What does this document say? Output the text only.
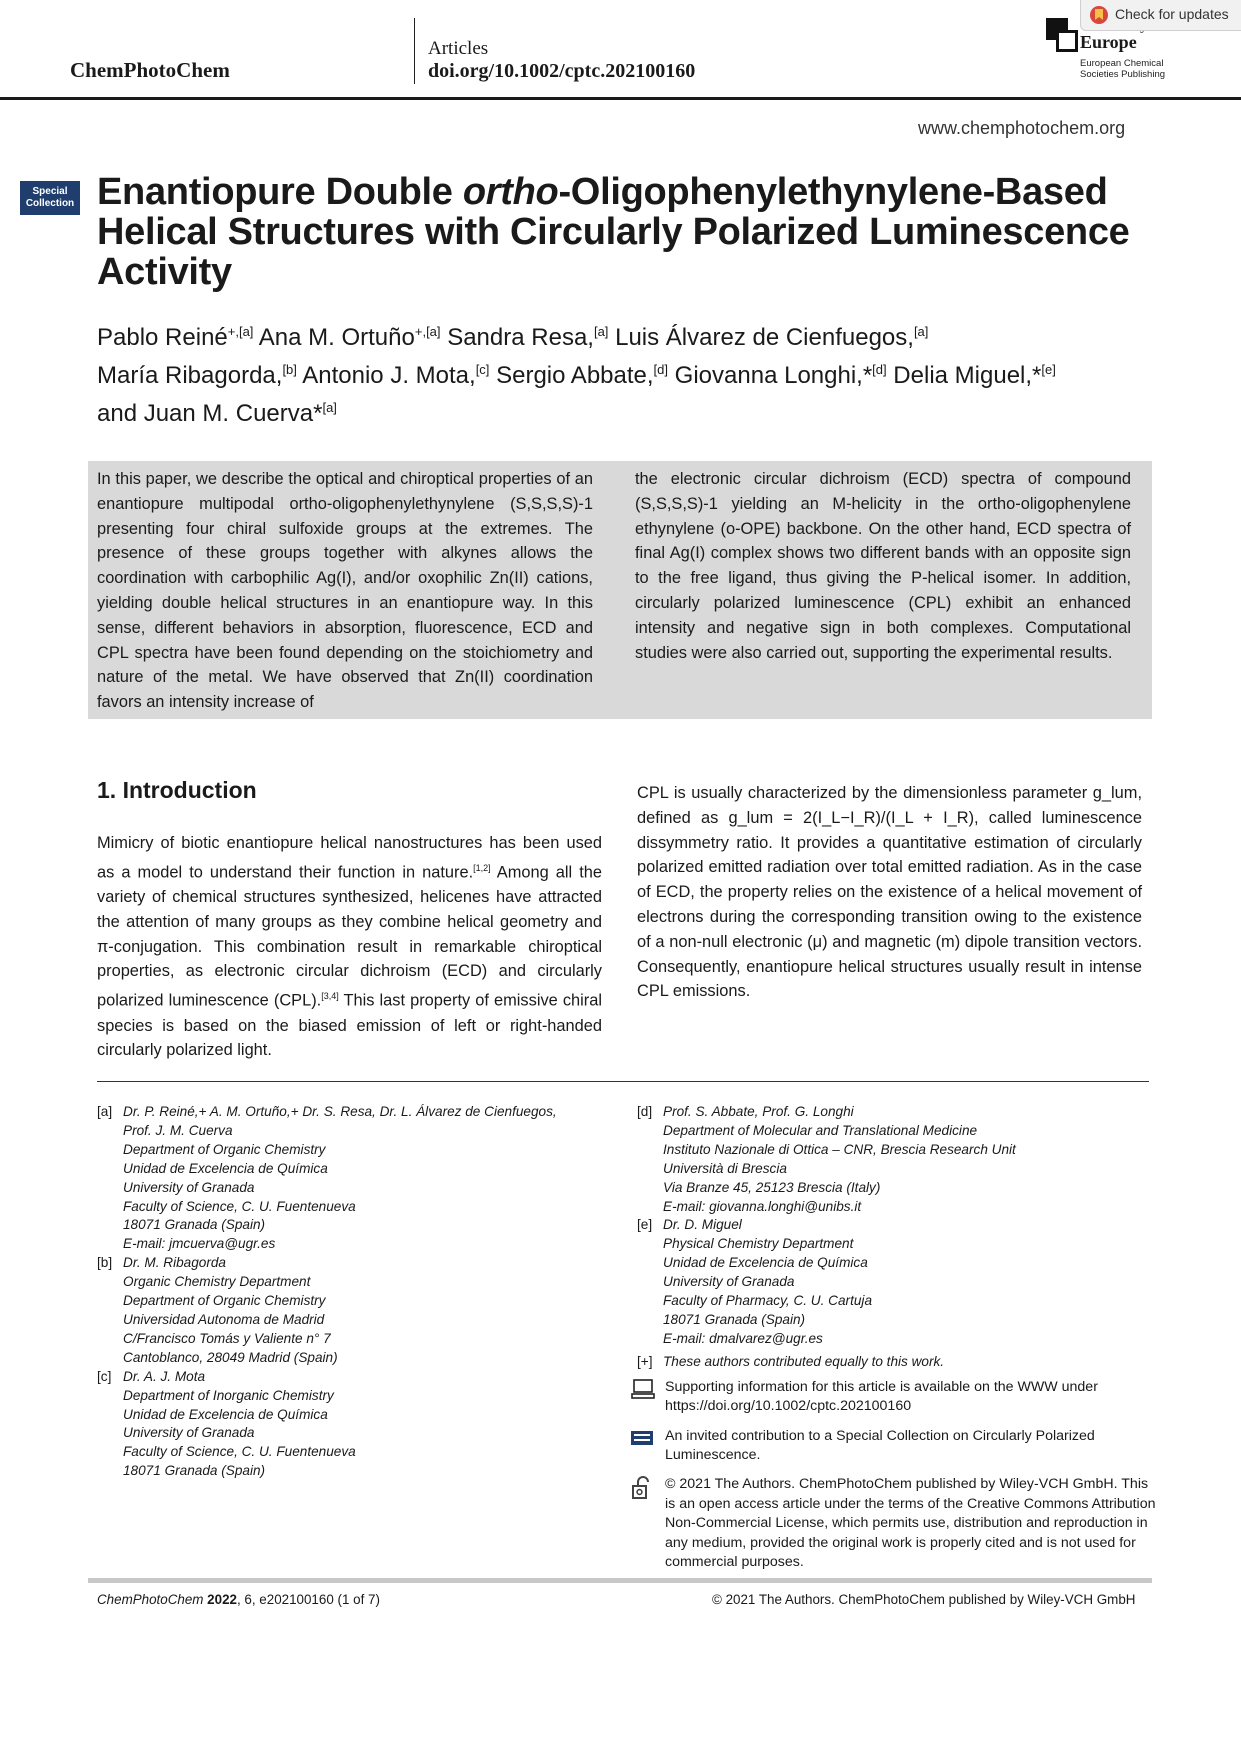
ChemPhotoChem
Articles
doi.org/10.1002/cptc.202100160
Europe
European Chemical
Societies Publishing
Check for updates
www.chemphotochem.org
Special
Collection Enantiopure Double ortho-Oligophenylethynylene-Based
Helical Structures with Circularly Polarized Luminescence
Activity
Pablo Reiné$^{+,[a]}$ Ana M. Ortuño$^{+,[a]}$ Sandra Resa,[a] Luis Álvarez de Cienfuegos,[a]
María Ribagorda,[b] Antonio J. Mota,[c] Sergio Abbate,[d] Giovanna Longhi,*[d] Delia Miguel,*[e]
and Juan M. Cuerva*[a]
In this paper, we describe the optical and chiroptical properties of an enantiopure multipodal ortho-oligophenylethynylene (S,S,S,S)-1 presenting four chiral sulfoxide groups at the extremes. The presence of these groups together with alkynes allows the coordination with carbophilic Ag(I), and/or oxophilic Zn(II) cations, yielding double helical structures in an enantiopure way. In this sense, different behaviors in absorption, fluorescence, ECD and CPL spectra have been found depending on the stoichiometry and nature of the metal. We have observed that Zn(II) coordination favors an intensity increase of
the electronic circular dichroism (ECD) spectra of compound (S,S,S,S)-1 yielding an M-helicity in the ortho-oligophenylene ethynylene (o-OPE) backbone. On the other hand, ECD spectra of final Ag(I) complex shows two different bands with an opposite sign to the free ligand, thus giving the P-helical isomer. In addition, circularly polarized luminescence (CPL) exhibit an enhanced intensity and negative sign in both complexes. Computational studies were also carried out, supporting the experimental results.
1. Introduction
Mimicry of biotic enantiopure helical nanostructures has been used as a model to understand their function in nature.[1,2] Among all the variety of chemical structures synthesized, helicenes have attracted the attention of many groups as they combine helical geometry and π-conjugation. This combination result in remarkable chiroptical properties, as electronic circular dichroism (ECD) and circularly polarized luminescence (CPL).[3,4] This last property of emissive chiral species is based on the biased emission of left or right-handed circularly polarized light.
CPL is usually characterized by the dimensionless parameter g_lum, defined as g_lum = 2(I_L−I_R)/(I_L + I_R), called luminescence dissymmetry ratio. It provides a quantitative estimation of circularly polarized emitted radiation over total emitted radiation. As in the case of ECD, the property relies on the existence of a helical movement of electrons during the corresponding transition owing to the existence of a non-null electronic (μ) and magnetic (m) dipole transition vectors. Consequently, enantiopure helical structures usually result in intense CPL emissions.
[a] Dr. P. Reiné,+ A. M. Ortuño,+ Dr. S. Resa, Dr. L. Álvarez de Cienfuegos,
Prof. J. M. Cuerva
Department of Organic Chemistry
Unidad de Excelencia de Química
University of Granada
Faculty of Science, C. U. Fuentenueva
18071 Granada (Spain)
E-mail: jmcuerva@ugr.es
[b] Dr. M. Ribagorda
Organic Chemistry Department
Department of Organic Chemistry
Universidad Autonoma de Madrid
C/Francisco Tomás y Valiente n° 7
Cantoblanco, 28049 Madrid (Spain)
[c] Dr. A. J. Mota
Department of Inorganic Chemistry
Unidad de Excelencia de Química
University of Granada
Faculty of Science, C. U. Fuentenueva
18071 Granada (Spain)
[d] Prof. S. Abbate, Prof. G. Longhi
Department of Molecular and Translational Medicine
Instituto Nazionale di Ottica – CNR, Brescia Research Unit
Università di Brescia
Via Branze 45, 25123 Brescia (Italy)
E-mail: giovanna.longhi@unibs.it
[e] Dr. D. Miguel
Physical Chemistry Department
Unidad de Excelencia de Química
University of Granada
Faculty of Pharmacy, C. U. Cartuja
18071 Granada (Spain)
E-mail: dmalvarez@ugr.es
[+] These authors contributed equally to this work.
Supporting information for this article is available on the WWW under https://doi.org/10.1002/cptc.202100160
An invited contribution to a Special Collection on Circularly Polarized Luminescence.
© 2021 The Authors. ChemPhotoChem published by Wiley-VCH GmbH. This is an open access article under the terms of the Creative Commons Attribution Non-Commercial License, which permits use, distribution and reproduction in any medium, provided the original work is properly cited and is not used for commercial purposes.
ChemPhotoChem 2022, 6, e202100160 (1 of 7)	© 2021 The Authors. ChemPhotoChem published by Wiley-VCH GmbH
